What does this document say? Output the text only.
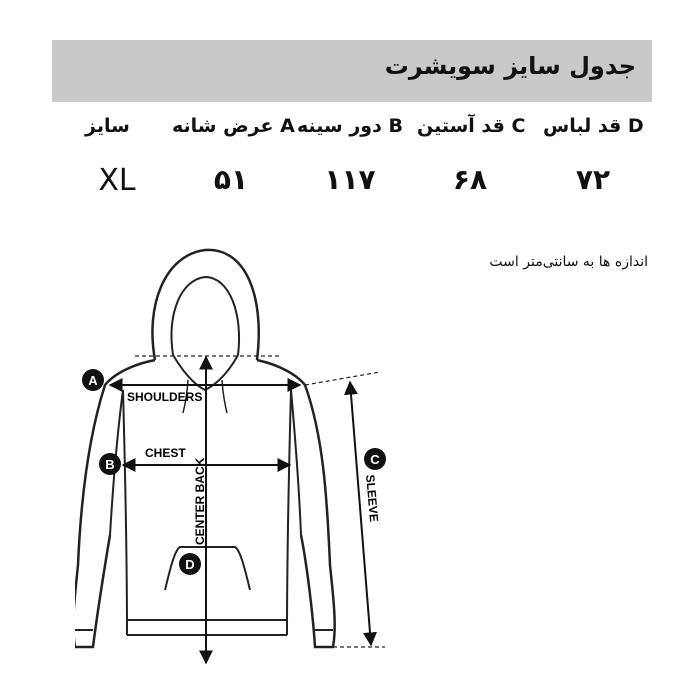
جدول سایز سویشرت
D قد لباس
C قد آستین
B دور سینه
A عرض شانه
سایز
۷۲
۶۸
۱۱۷
۵۱
XL
اندازه ها به سانتی‌متر است
SHOULDERS
A
CHEST
B	CENTER BACK
D
SLEEVE
C
